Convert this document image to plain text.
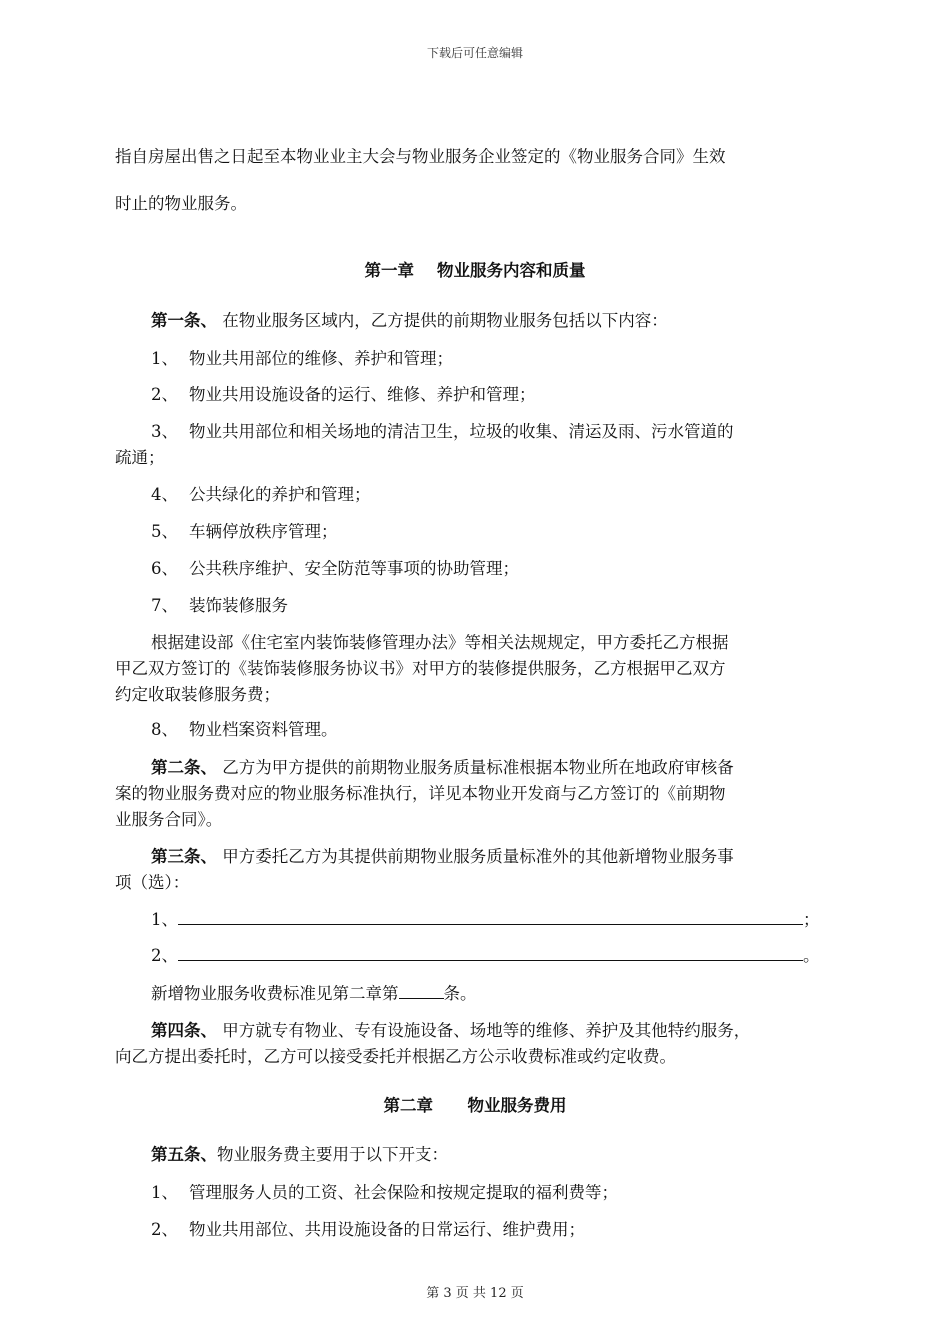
下载后可任意编辑
指自房屋出售之日起至本物业业主大会与物业服务企业签定的《物业服务合同》生效
时止的物业服务。
第一章    物业服务内容和质量
第一条、 在物业服务区域内，乙方提供的前期物业服务包括以下内容：
1、 物业共用部位的维修、养护和管理；
2、 物业共用设施设备的运行、维修、养护和管理；
3、 物业共用部位和相关场地的清洁卫生，垃圾的收集、清运及雨、污水管道的
疏通；
4、 公共绿化的养护和管理；
5、 车辆停放秩序管理；
6、 公共秩序维护、安全防范等事项的协助管理；
7、 装饰装修服务
根据建设部《住宅室内装饰装修管理办法》等相关法规规定，甲方委托乙方根据
甲乙双方签订的《装饰装修服务协议书》对甲方的装修提供服务，乙方根据甲乙双方
约定收取装修服务费；
8、 物业档案资料管理。
第二条、 乙方为甲方提供的前期物业服务质量标准根据本物业所在地政府审核备
案的物业服务费对应的物业服务标准执行，详见本物业开发商与乙方签订的《前期物
业服务合同》。
第三条、 甲方委托乙方为其提供前期物业服务质量标准外的其他新增物业服务事
项（选）：
1、	；
2、	。
新增物业服务收费标准见第二章第	条。
第四条、 甲方就专有物业、专有设施设备、场地等的维修、养护及其他特约服务，
向乙方提出委托时，乙方可以接受委托并根据乙方公示收费标准或约定收费。
第二章      物业服务费用
第五条、物业服务费主要用于以下开支：
1、 管理服务人员的工资、社会保险和按规定提取的福利费等；
2、 物业共用部位、共用设施设备的日常运行、维护费用；
第 3 页 共 12 页
